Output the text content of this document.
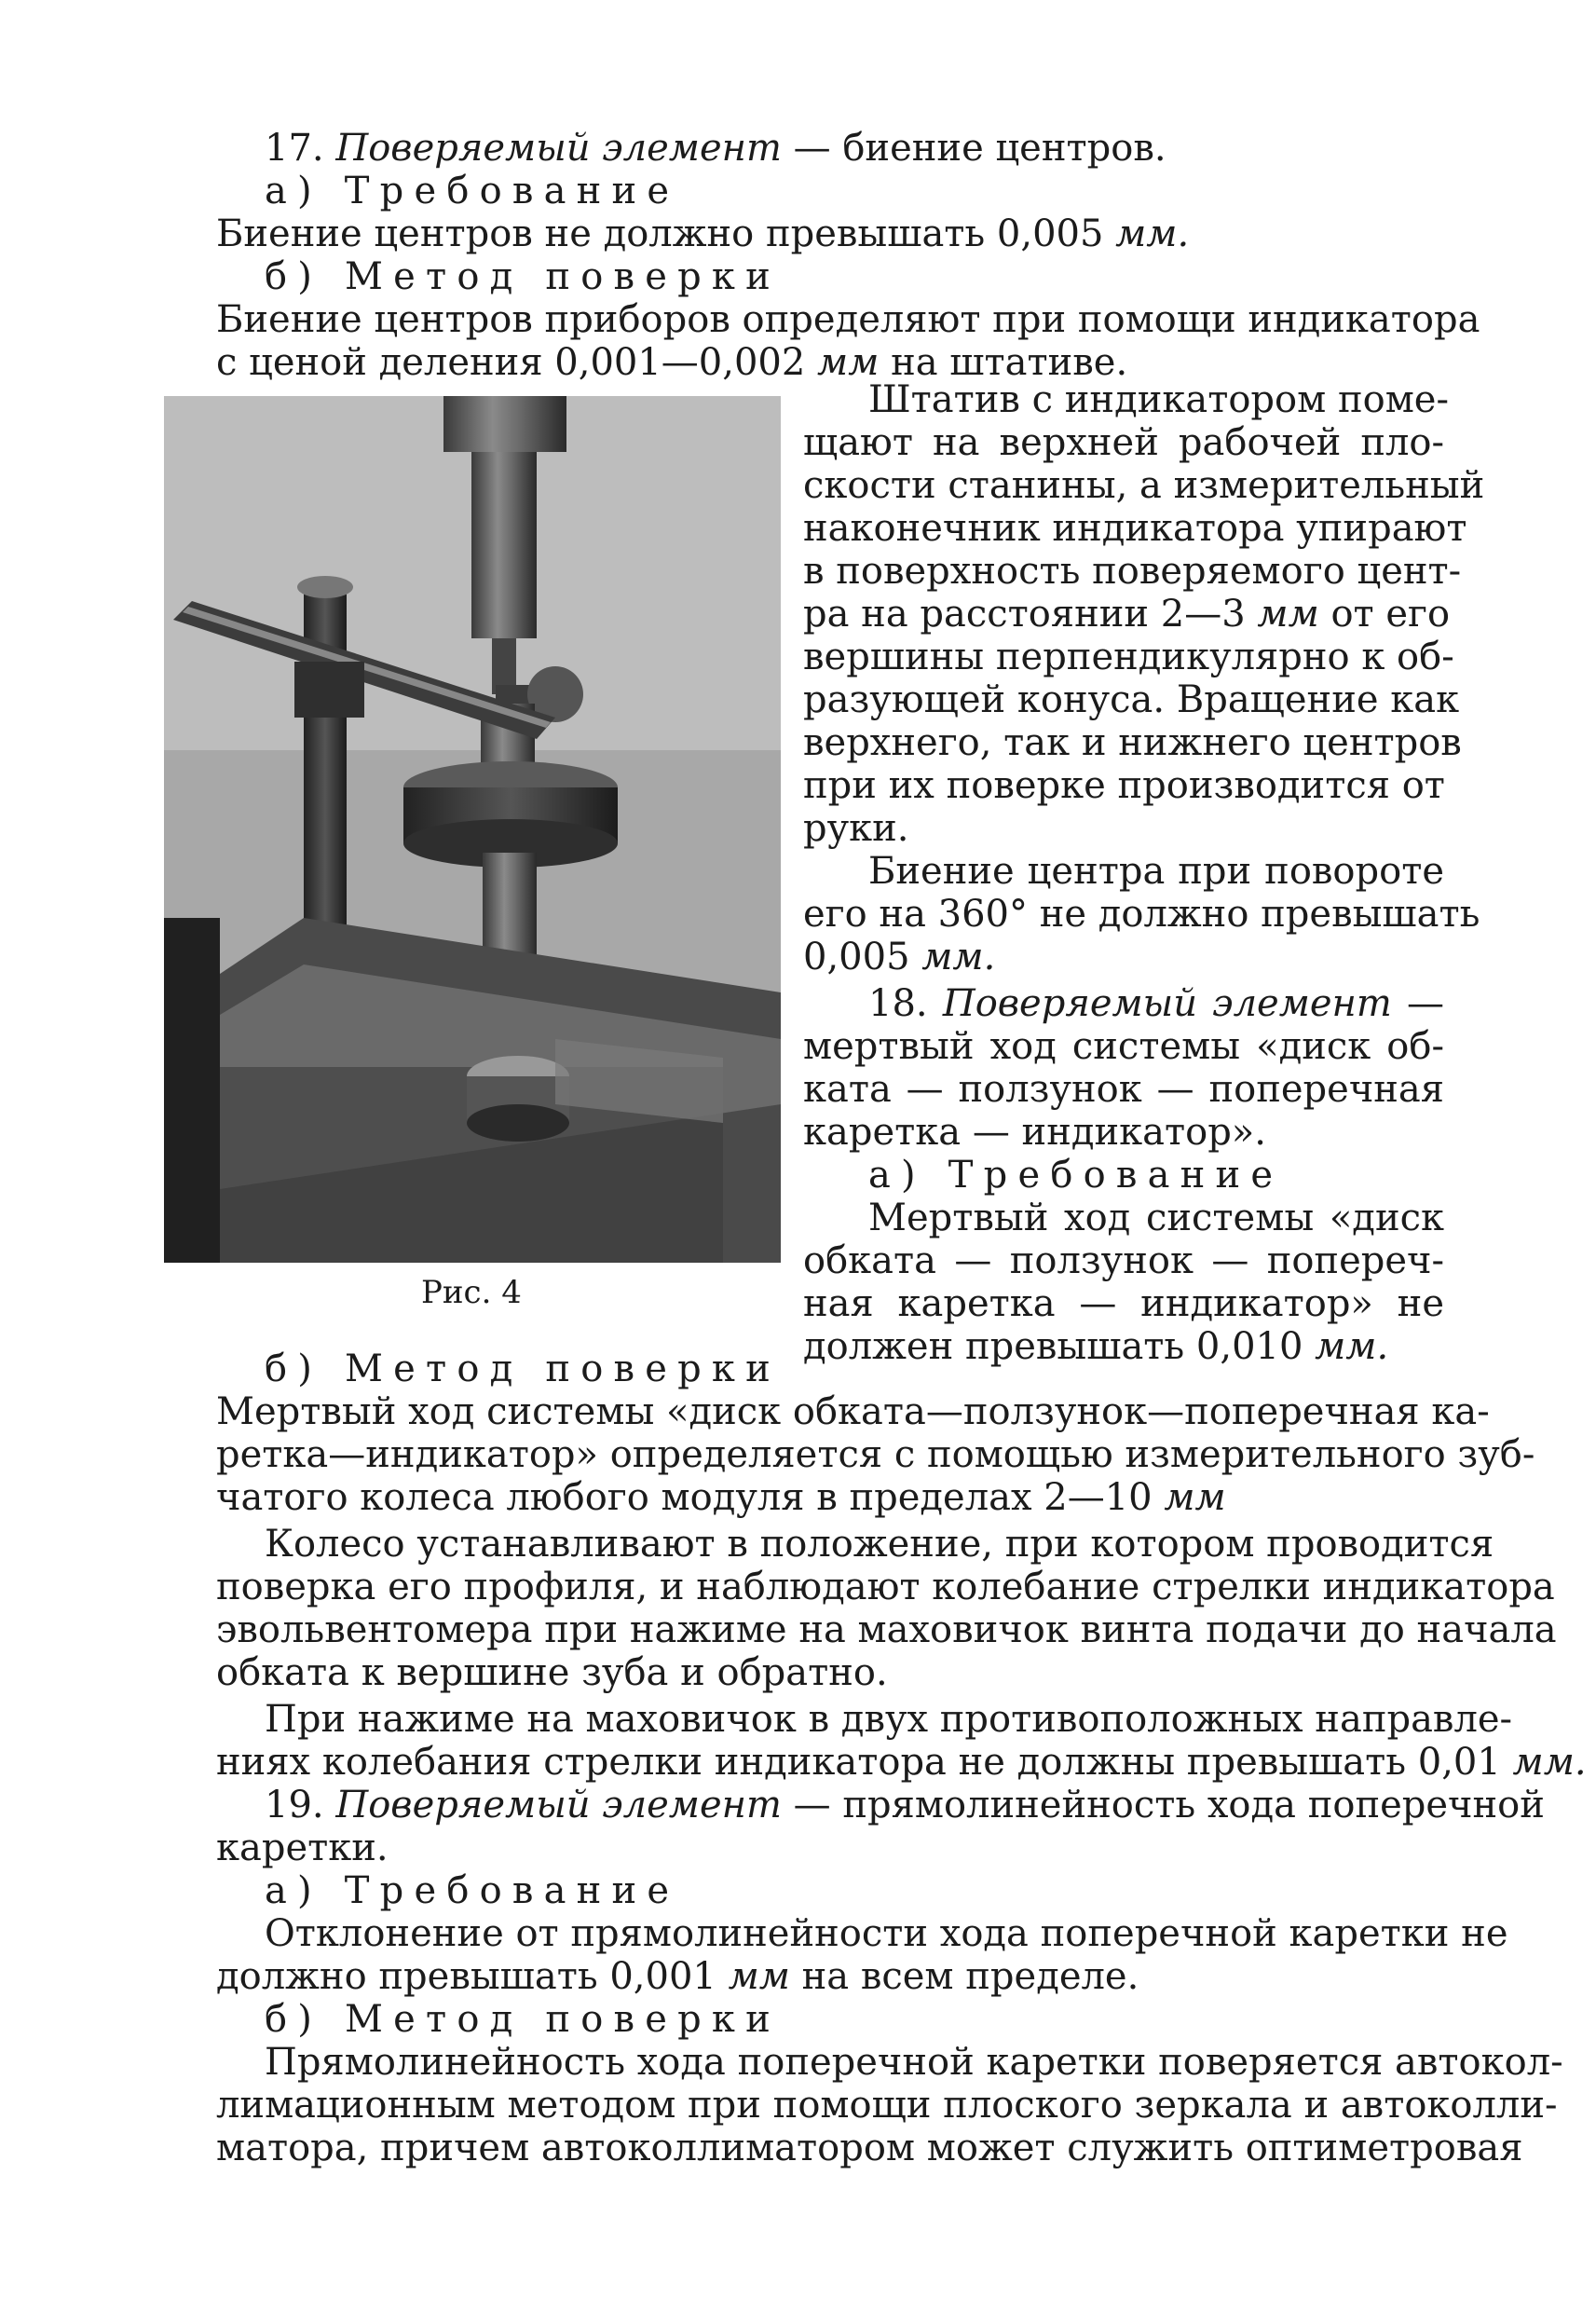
17. Поверяемый элемент — биение центров.
а) Требование
Биение центров не должно превышать 0,005 мм.
б) Метод поверки
Биение центров приборов определяют при помощи индикатора
с ценой деления 0,001—0,002 мм на штативе.
Рис. 4
Штатив с индикатором поме-
щают на верхней рабочей пло-
скости станины, а измерительный
наконечник индикатора упирают
в поверхность поверяемого цент-
ра на расстоянии 2—3 мм от его
вершины перпендикулярно к об-
разующей конуса. Вращение как
верхнего, так и нижнего центров
при их поверке производится от
руки.
Биение центра при повороте
его на 360° не должно превышать
0,005 мм.
18. Поверяемый элемент —
мертвый ход системы «диск об-
ката — ползунок — поперечная
каретка — индикатор».
а) Требование
Мертвый ход системы «диск
обката — ползунок — попереч-
ная каретка — индикатор» не
должен превышать 0,010 мм.
б) Метод поверки
Мертвый ход системы «диск обката—ползунок—поперечная ка-
ретка—индикатор» определяется с помощью измерительного зуб-
чатого колеса любого модуля в пределах 2—10 мм
Колесо устанавливают в положение, при котором проводится
поверка его профиля, и наблюдают колебание стрелки индикатора
эвольвентомера при нажиме на маховичок винта подачи до начала
обката к вершине зуба и обратно.
При нажиме на маховичок в двух противоположных направле-
ниях колебания стрелки индикатора не должны превышать 0,01 мм.
19. Поверяемый элемент — прямолинейность хода поперечной
каретки.
а) Требование
Отклонение от прямолинейности хода поперечной каретки не
должно превышать 0,001 мм на всем пределе.
б) Метод поверки
Прямолинейность хода поперечной каретки поверяется автокол-
лимационным методом при помощи плоского зеркала и автоколли-
матора, причем автоколлиматором может служить оптиметровая
